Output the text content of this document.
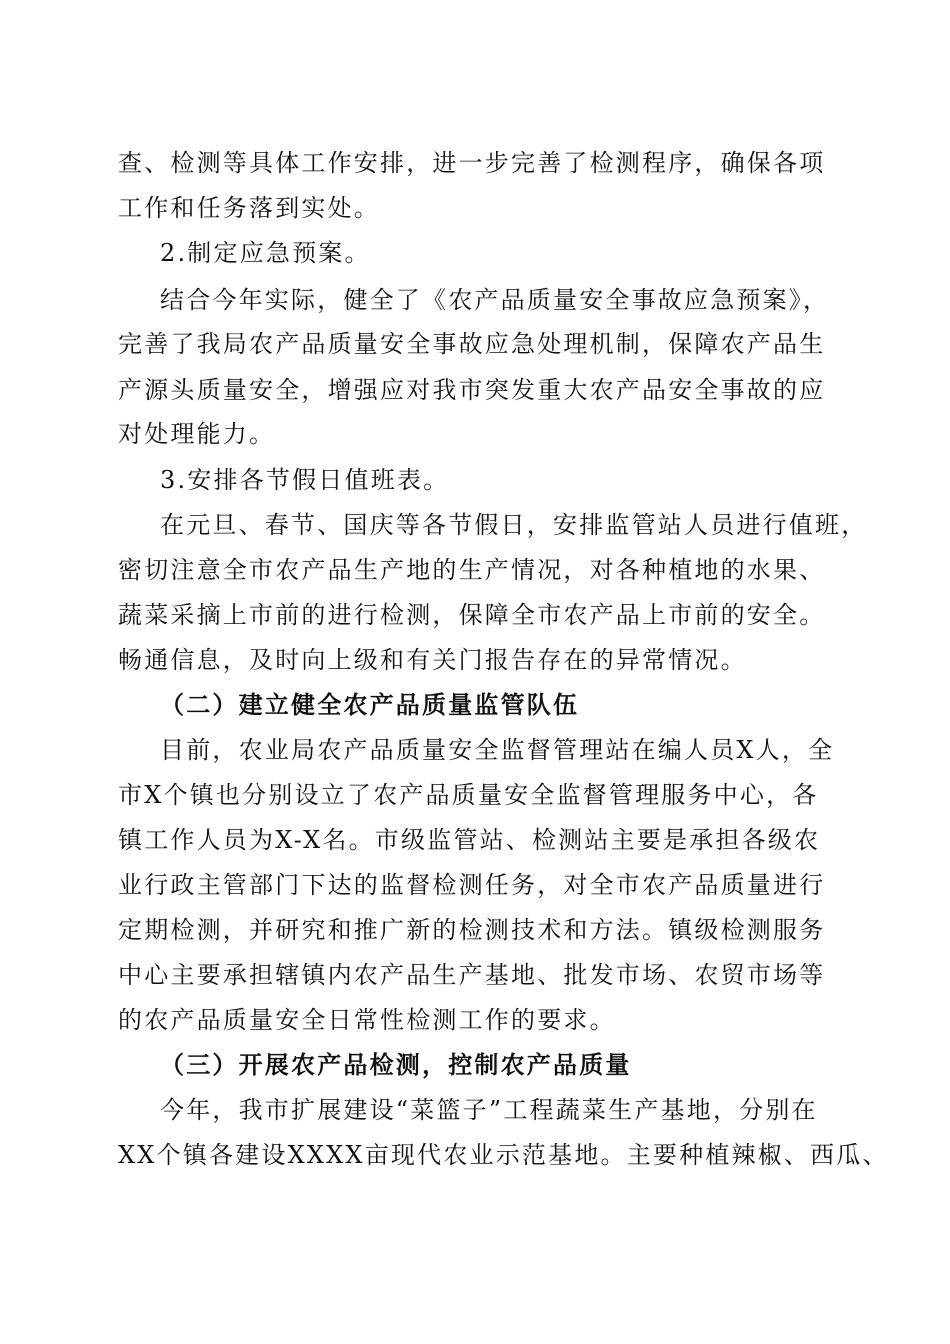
查、检测等具体工作安排，进一步完善了检测程序，确保各项
工作和任务落到实处。
2.制定应急预案。
结合今年实际，健全了《农产品质量安全事故应急预案》，
完善了我局农产品质量安全事故应急处理机制，保障农产品生
产源头质量安全，增强应对我市突发重大农产品安全事故的应
对处理能力。
3.安排各节假日值班表。
在元旦、春节、国庆等各节假日，安排监管站人员进行值班，
密切注意全市农产品生产地的生产情况，对各种植地的水果、
蔬菜采摘上市前的进行检测，保障全市农产品上市前的安全。
畅通信息，及时向上级和有关门报告存在的异常情况。
（二）建立健全农产品质量监管队伍
目前，农业局农产品质量安全监督管理站在编人员X人，全
市X个镇也分别设立了农产品质量安全监督管理服务中心，各
镇工作人员为X-X名。市级监管站、检测站主要是承担各级农
业行政主管部门下达的监督检测任务，对全市农产品质量进行
定期检测，并研究和推广新的检测技术和方法。镇级检测服务
中心主要承担辖镇内农产品生产基地、批发市场、农贸市场等
的农产品质量安全日常性检测工作的要求。
（三）开展农产品检测，控制农产品质量
今年，我市扩展建设“菜篮子”工程蔬菜生产基地，分别在
XX个镇各建设XXXX亩现代农业示范基地。主要种植辣椒、西瓜、
